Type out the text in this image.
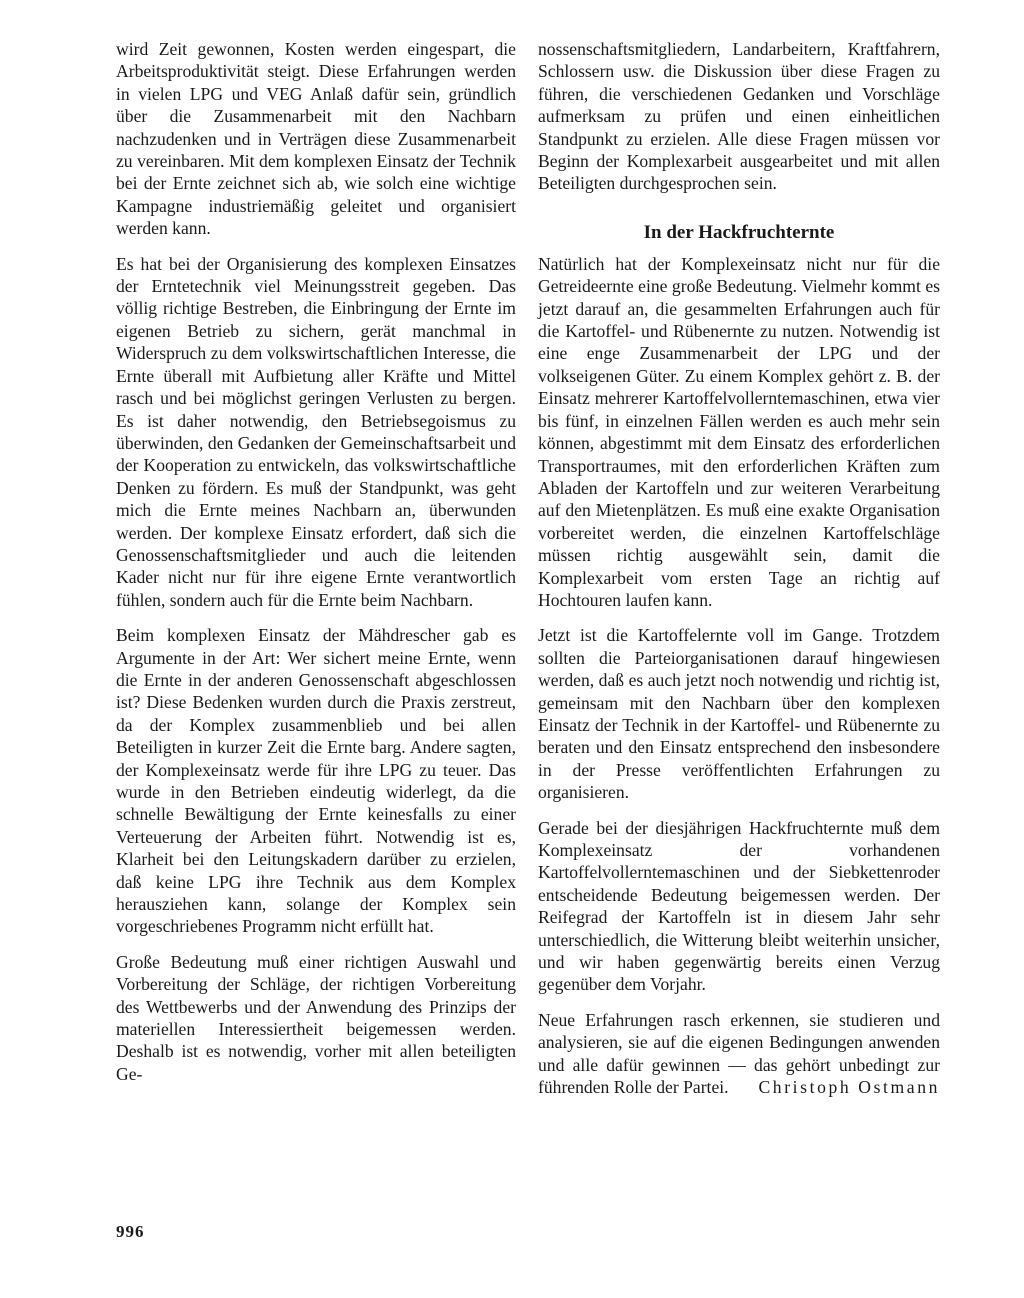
wird Zeit gewonnen, Kosten werden eingespart, die Arbeitsproduktivität steigt. Diese Erfahrungen werden in vielen LPG und VEG Anlaß dafür sein, gründlich über die Zusammenarbeit mit den Nachbarn nachzudenken und in Verträgen diese Zusammenarbeit zu vereinbaren. Mit dem komplexen Einsatz der Technik bei der Ernte zeichnet sich ab, wie solch eine wichtige Kampagne industriemäßig geleitet und organisiert werden kann.

Es hat bei der Organisierung des komplexen Einsatzes der Erntetechnik viel Meinungsstreit gegeben. Das völlig richtige Bestreben, die Einbringung der Ernte im eigenen Betrieb zu sichern, gerät manchmal in Widerspruch zu dem volkswirtschaftlichen Interesse, die Ernte überall mit Aufbietung aller Kräfte und Mittel rasch und bei möglichst geringen Verlusten zu bergen. Es ist daher notwendig, den Betriebsegoismus zu überwinden, den Gedanken der Gemeinschaftsarbeit und der Kooperation zu entwickeln, das volkswirtschaftliche Denken zu fördern. Es muß der Standpunkt, was geht mich die Ernte meines Nachbarn an, überwunden werden. Der komplexe Einsatz erfordert, daß sich die Genossenschaftsmitglieder und auch die leitenden Kader nicht nur für ihre eigene Ernte verantwortlich fühlen, sondern auch für die Ernte beim Nachbarn.

Beim komplexen Einsatz der Mähdrescher gab es Argumente in der Art: Wer sichert meine Ernte, wenn die Ernte in der anderen Genossenschaft abgeschlossen ist? Diese Bedenken wurden durch die Praxis zerstreut, da der Komplex zusammenblieb und bei allen Beteiligten in kurzer Zeit die Ernte barg. Andere sagten, der Komplexeinsatz werde für ihre LPG zu teuer. Das wurde in den Betrieben eindeutig widerlegt, da die schnelle Bewältigung der Ernte keinesfalls zu einer Verteuerung der Arbeiten führt. Notwendig ist es, Klarheit bei den Leitungskadern darüber zu erzielen, daß keine LPG ihre Technik aus dem Komplex herausziehen kann, solange der Komplex sein vorgeschriebenes Programm nicht erfüllt hat.

Große Bedeutung muß einer richtigen Auswahl und Vorbereitung der Schläge, der richtigen Vorbereitung des Wettbewerbs und der Anwendung des Prinzips der materiellen Interessiertheit beigemessen werden. Deshalb ist es notwendig, vorher mit allen beteiligten Ge-

nossenschaftsmitgliedern, Landarbeitern, Kraftfahrern, Schlossern usw. die Diskussion über diese Fragen zu führen, die verschiedenen Gedanken und Vorschläge aufmerksam zu prüfen und einen einheitlichen Standpunkt zu erzielen. Alle diese Fragen müssen vor Beginn der Komplexarbeit ausgearbeitet und mit allen Beteiligten durchgesprochen sein.

In der Hackfruchternte

Natürlich hat der Komplexeinsatz nicht nur für die Getreideernte eine große Bedeutung. Vielmehr kommt es jetzt darauf an, die gesammelten Erfahrungen auch für die Kartoffel- und Rübenernte zu nutzen. Notwendig ist eine enge Zusammenarbeit der LPG und der volkseigenen Güter. Zu einem Komplex gehört z. B. der Einsatz mehrerer Kartoffelvollerntemaschinen, etwa vier bis fünf, in einzelnen Fällen werden es auch mehr sein können, abgestimmt mit dem Einsatz des erforderlichen Transportraumes, mit den erforderlichen Kräften zum Abladen der Kartoffeln und zur weiteren Verarbeitung auf den Mietenplätzen. Es muß eine exakte Organisation vorbereitet werden, die einzelnen Kartoffelschläge müssen richtig ausgewählt sein, damit die Komplexarbeit vom ersten Tage an richtig auf Hochtouren laufen kann.

Jetzt ist die Kartoffelernte voll im Gange. Trotzdem sollten die Parteiorganisationen darauf hingewiesen werden, daß es auch jetzt noch notwendig und richtig ist, gemeinsam mit den Nachbarn über den komplexen Einsatz der Technik in der Kartoffel- und Rübenernte zu beraten und den Einsatz entsprechend den insbesondere in der Presse veröffentlichten Erfahrungen zu organisieren.

Gerade bei der diesjährigen Hackfruchternte muß dem Komplexeinsatz der vorhandenen Kartoffelvollerntemaschinen und der Siebkettenroder entscheidende Bedeutung beigemessen werden. Der Reifegrad der Kartoffeln ist in diesem Jahr sehr unterschiedlich, die Witterung bleibt weiterhin unsicher, und wir haben gegenwärtig bereits einen Verzug gegenüber dem Vorjahr.

Neue Erfahrungen rasch erkennen, sie studieren und analysieren, sie auf die eigenen Bedingungen anwenden und alle dafür gewinnen — das gehört unbedingt zur führenden Rolle der Partei. Christoph Ostmann

996
